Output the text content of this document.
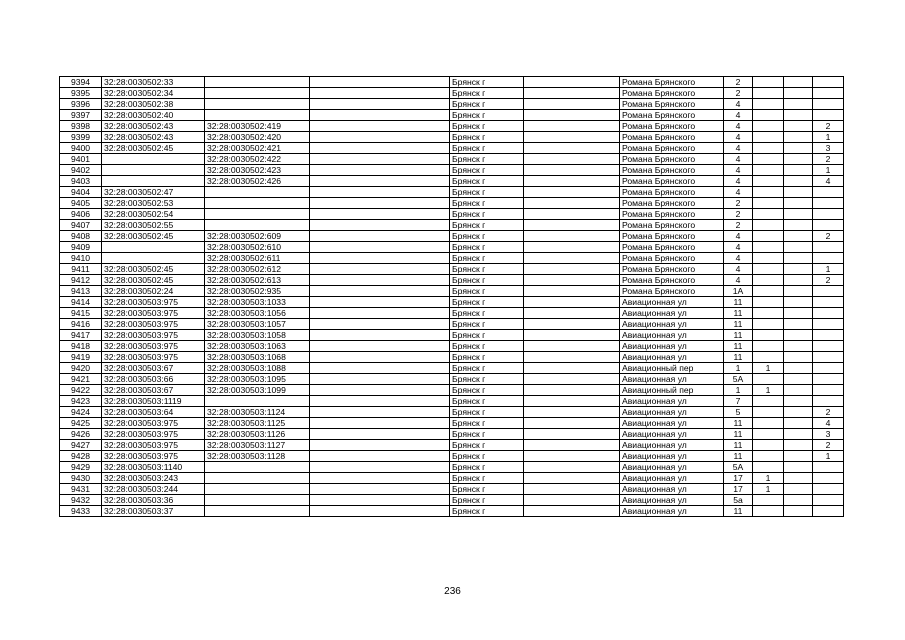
9394	32:28:0030502:33			Брянск г		Романа Брянского	2			
9395	32:28:0030502:34			Брянск г		Романа Брянского	2			
9396	32:28:0030502:38			Брянск г		Романа Брянского	4			
9397	32:28:0030502:40			Брянск г		Романа Брянского	4			
9398	32:28:0030502:43	32:28:0030502:419		Брянск г		Романа Брянского	4			2
9399	32:28:0030502:43	32:28:0030502:420		Брянск г		Романа Брянского	4			1
9400	32:28:0030502:45	32:28:0030502:421		Брянск г		Романа Брянского	4			3
9401		32:28:0030502:422		Брянск г		Романа Брянского	4			2
9402		32:28:0030502:423		Брянск г		Романа Брянского	4			1
9403		32:28:0030502:426		Брянск г		Романа Брянского	4			4
9404	32:28:0030502:47			Брянск г		Романа Брянского	4			
9405	32:28:0030502:53			Брянск г		Романа Брянского	2			
9406	32:28:0030502:54			Брянск г		Романа Брянского	2			
9407	32:28:0030502:55			Брянск г		Романа Брянского	2			
9408	32:28:0030502:45	32:28:0030502:609		Брянск г		Романа Брянского	4			2
9409		32:28:0030502:610		Брянск г		Романа Брянского	4			
9410		32:28:0030502:611		Брянск г		Романа Брянского	4			
9411	32:28:0030502:45	32:28:0030502:612		Брянск г		Романа Брянского	4			1
9412	32:28:0030502:45	32:28:0030502:613		Брянск г		Романа Брянского	4			2
9413	32:28:0030502:24	32:28:0030502:935		Брянск г		Романа Брянского	1А			
9414	32:28:0030503:975	32:28:0030503:1033		Брянск г		Авиационная ул	11			
9415	32:28:0030503:975	32:28:0030503:1056		Брянск г		Авиационная ул	11			
9416	32:28:0030503:975	32:28:0030503:1057		Брянск г		Авиационная ул	11			
9417	32:28:0030503:975	32:28:0030503:1058		Брянск г		Авиационная ул	11			
9418	32:28:0030503:975	32:28:0030503:1063		Брянск г		Авиационная ул	11			
9419	32:28:0030503:975	32:28:0030503:1068		Брянск г		Авиационная ул	11			
9420	32:28:0030503:67	32:28:0030503:1088		Брянск г		Авиационный пер	1	1		
9421	32:28:0030503:66	32:28:0030503:1095		Брянск г		Авиационная ул	5А			
9422	32:28:0030503:67	32:28:0030503:1099		Брянск г		Авиационный пер	1	1		
9423	32:28:0030503:1119			Брянск г		Авиационная ул	7			
9424	32:28:0030503:64	32:28:0030503:1124		Брянск г		Авиационная ул	5			2
9425	32:28:0030503:975	32:28:0030503:1125		Брянск г		Авиационная ул	11			4
9426	32:28:0030503:975	32:28:0030503:1126		Брянск г		Авиационная ул	11			3
9427	32:28:0030503:975	32:28:0030503:1127		Брянск г		Авиационная ул	11			2
9428	32:28:0030503:975	32:28:0030503:1128		Брянск г		Авиационная ул	11			1
9429	32:28:0030503:1140			Брянск г		Авиационная ул	5А			
9430	32:28:0030503:243			Брянск г		Авиационная ул	17	1		
9431	32:28:0030503:244			Брянск г		Авиационная ул	17	1		
9432	32:28:0030503:36			Брянск г		Авиационная ул	5а			
9433	32:28:0030503:37			Брянск г		Авиационная ул	11			
236
